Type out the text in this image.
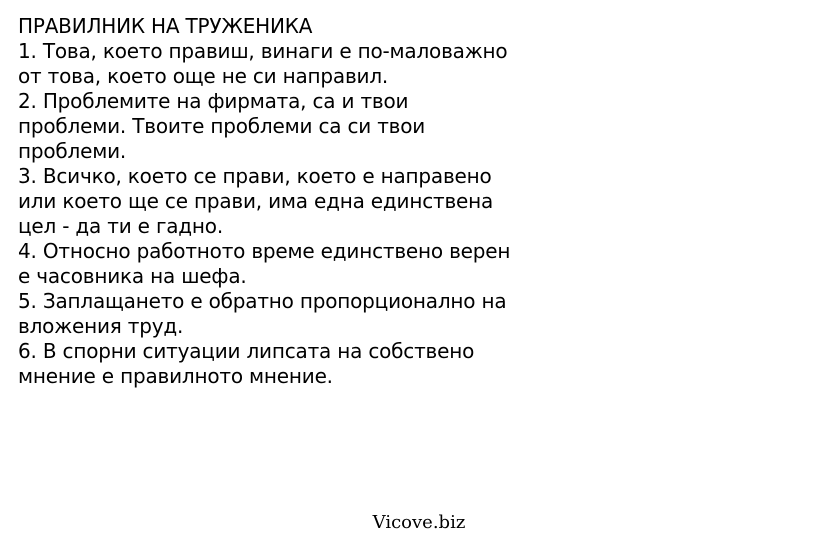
ПРАВИЛНИК НА ТРУЖЕНИКА
1. Това, което правиш, винаги е по-маловажно
от това, което още не си направил.
2. Проблемите на фирмата, са и твои
проблеми. Твоите проблеми са си твои
проблеми.
3. Всичко, което се прави, което е направено
или което ще се прави, има една единствена
цел - да ти е гадно.
4. Относно работното време единствено верен
е часовника на шефа.
5. Заплащането е обратно пропорционално на
вложения труд.
6. В спорни ситуации липсата на собствено
мнение е правилното мнение.
Vicove.biz
